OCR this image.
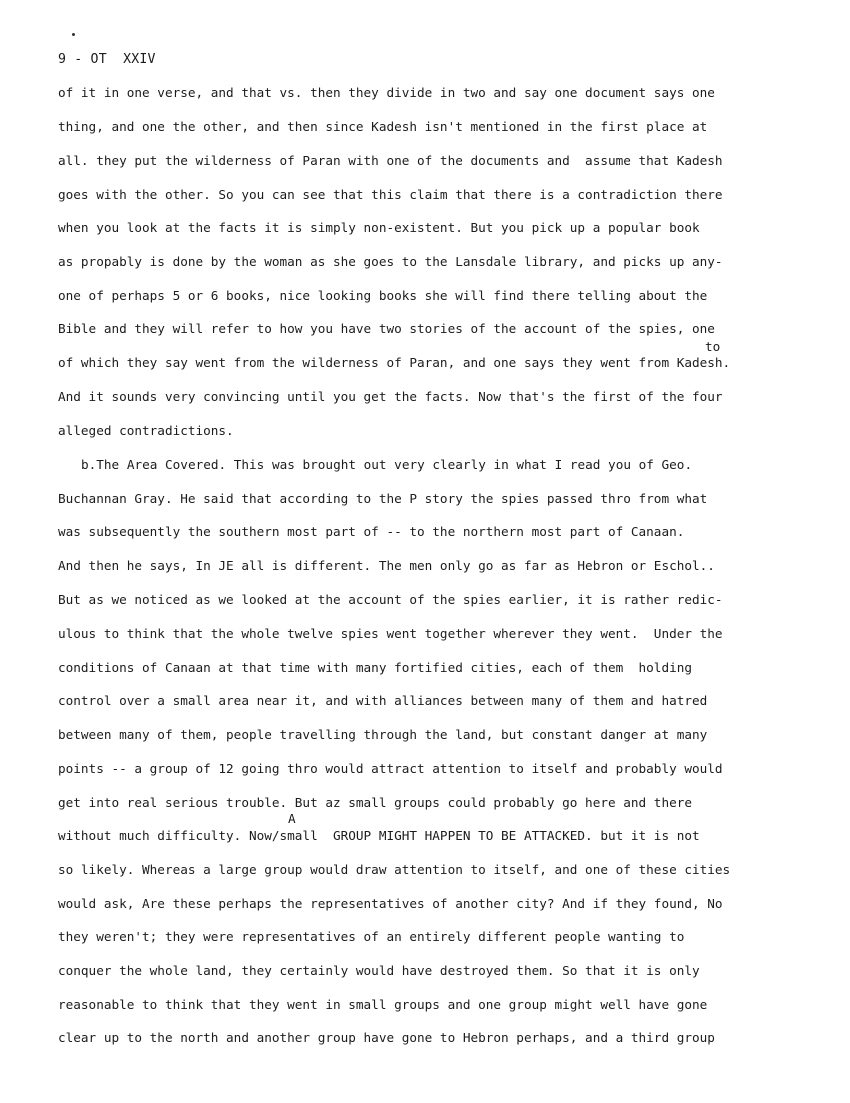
9 - OT  XXIV
of it in one verse, and that vs. then they divide in two and say one document says one
thing, and one the other, and then since Kadesh isn't mentioned in the first place at
all. they put the wilderness of Paran with one of the documents and  assume that Kadesh
goes with the other. So you can see that this claim that there is a contradiction there
when you look at the facts it is simply non-existent. But you pick up a popular book
as propably is done by the woman as she goes to the Lansdale library, and picks up any-
one of perhaps 5 or 6 books, nice looking books she will find there telling about the
Bible and they will refer to how you have two stories of the account of the spies, one
to
of which they say went from the wilderness of Paran, and one says they went from Kadesh.
And it sounds very convincing until you get the facts. Now that's the first of the four
alleged contradictions.
b.The Area Covered. This was brought out very clearly in what I read you of Geo.
Buchannan Gray. He said that according to the P story the spies passed thro from what
was subsequently the southern most part of -- to the northern most part of Canaan.
And then he says, In JE all is different. The men only go as far as Hebron or Eschol..
But as we noticed as we looked at the account of the spies earlier, it is rather redic-
ulous to think that the whole twelve spies went together wherever they went.  Under the
conditions of Canaan at that time with many fortified cities, each of them  holding
control over a small area near it, and with alliances between many of them and hatred
between many of them, people travelling through the land, but constant danger at many
points -- a group of 12 going thro would attract attention to itself and probably would
get into real serious trouble. But az small groups could probably go here and there
A
without much difficulty. Now/small  GROUP MIGHT HAPPEN TO BE ATTACKED. but it is not
so likely. Whereas a large group would draw attention to itself, and one of these cities
would ask, Are these perhaps the representatives of another city? And if they found, No
they weren't; they were representatives of an entirely different people wanting to
conquer the whole land, they certainly would have destroyed them. So that it is only
reasonable to think that they went in small groups and one group might well have gone
clear up to the north and another group have gone to Hebron perhaps, and a third group
